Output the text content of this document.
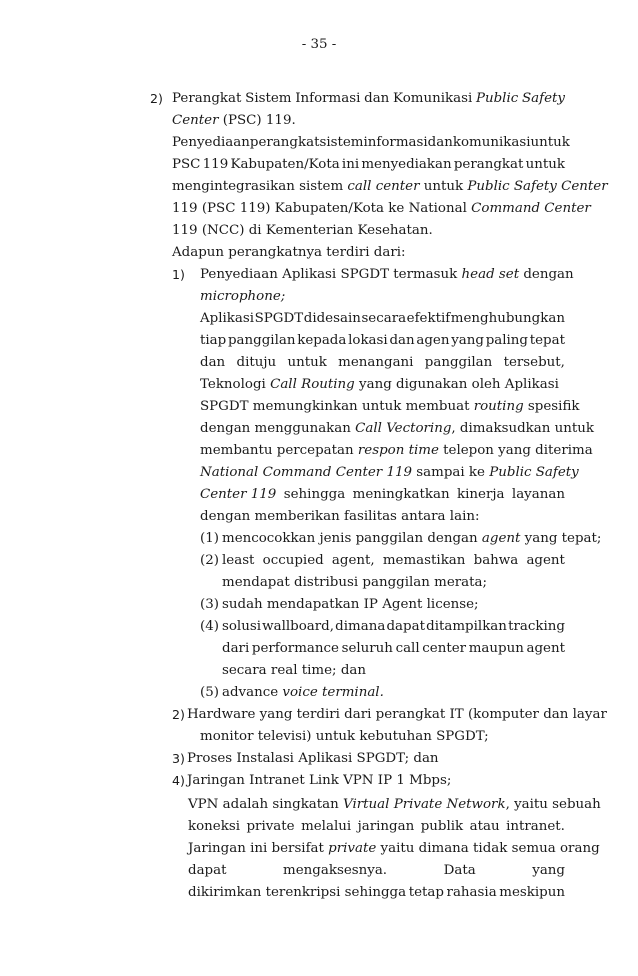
- 35 -
2) Perangkat Sistem Informasi dan Komunikasi Public Safety
Center (PSC) 119.
Penyediaan perangkat sistem informasi dan komunikasi untuk
PSC 119 Kabupaten/Kota ini menyediakan perangkat untuk
mengintegrasikan sistem call center untuk Public Safety Center
119 (PSC 119) Kabupaten/Kota ke National Command Center
119 (NCC) di Kementerian Kesehatan.
Adapun perangkatnya terdiri dari:
1) Penyediaan Aplikasi SPGDT termasuk head set dengan
microphone;
Aplikasi SPGDT didesain secara efektif menghubungkan
tiap panggilan kepada lokasi dan agen yang paling tepat
dan dituju untuk menangani panggilan tersebut,
Teknologi Call Routing yang digunakan oleh Aplikasi
SPGDT memungkinkan untuk membuat routing spesifik
dengan menggunakan Call Vectoring, dimaksudkan untuk
membantu percepatan respon time telepon yang diterima
National Command Center 119 sampai ke Public Safety
Center 119 sehingga meningkatkan kinerja layanan
dengan memberikan fasilitas antara lain:
(1) mencocokkan jenis panggilan dengan agent yang tepat;
(2) least occupied agent, memastikan bahwa agent
mendapat distribusi panggilan merata;
(3) sudah mendapatkan IP Agent license;
(4) solusi wallboard, dimana dapat ditampilkan tracking
dari performance seluruh call center maupun agent
secara real time; dan
(5) advance voice terminal.
2) Hardware yang terdiri dari perangkat IT (komputer dan layar
monitor televisi) untuk kebutuhan SPGDT;
3) Proses Instalasi Aplikasi SPGDT; dan
4) Jaringan Intranet Link VPN IP 1 Mbps;
VPN adalah singkatan Virtual Private Network, yaitu sebuah
koneksi private melalui jaringan publik atau intranet.
Jaringan ini bersifat private yaitu dimana tidak semua orang
dapat	mengaksesnya.	Data	yang
dikirimkan terenkripsi sehingga tetap rahasia meskipun
